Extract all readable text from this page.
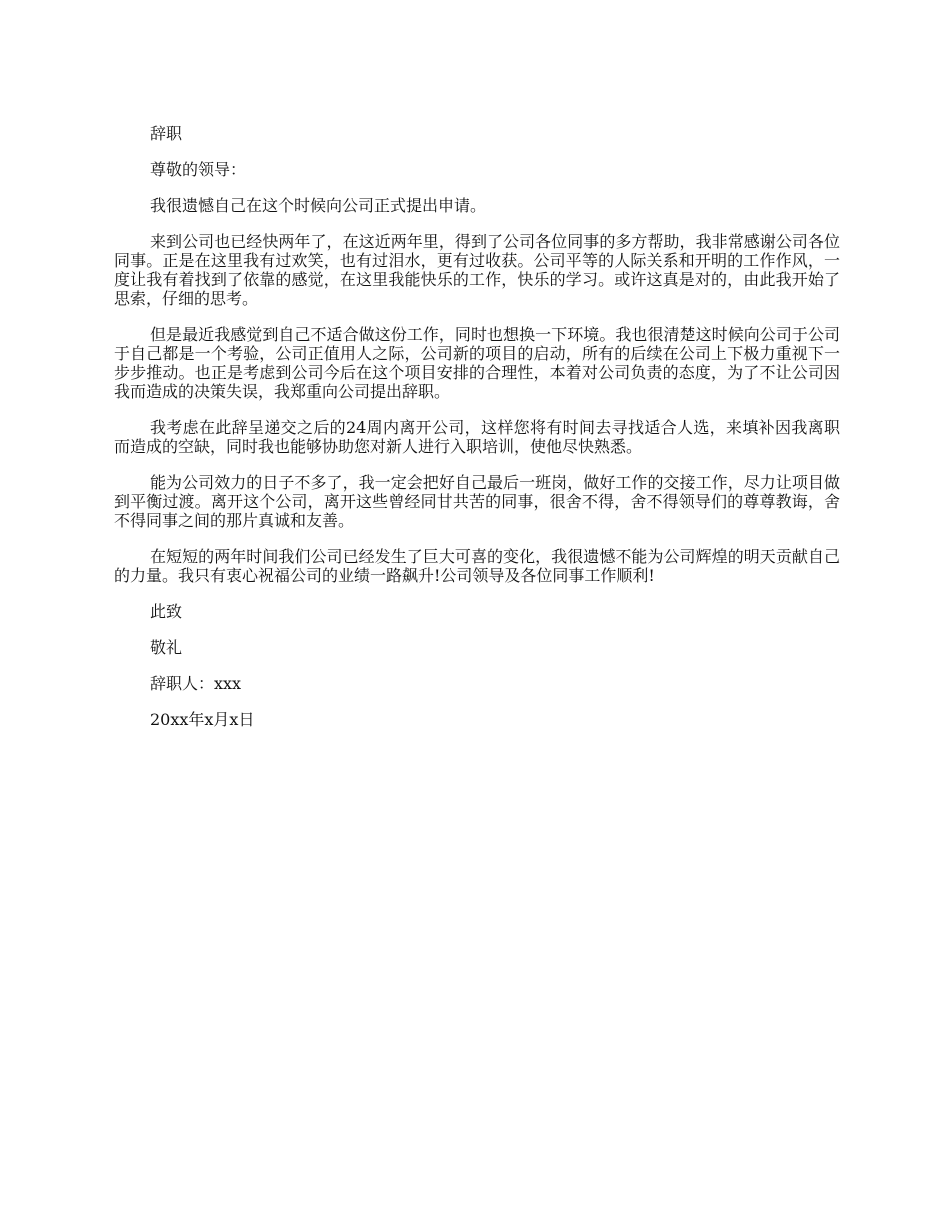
辞职

尊敬的领导：

我很遗憾自己在这个时候向公司正式提出申请。

来到公司也已经快两年了，在这近两年里，得到了公司各位同事的多方帮助，我非常感谢公司各位同事。正是在这里我有过欢笑，也有过泪水，更有过收获。公司平等的人际关系和开明的工作作风，一度让我有着找到了依靠的感觉，在这里我能快乐的工作，快乐的学习。或许这真是对的，由此我开始了思索，仔细的思考。

但是最近我感觉到自己不适合做这份工作，同时也想换一下环境。我也很清楚这时候向公司于公司于自己都是一个考验，公司正值用人之际，公司新的项目的启动，所有的后续在公司上下极力重视下一步步推动。也正是考虑到公司今后在这个项目安排的合理性，本着对公司负责的态度，为了不让公司因我而造成的决策失误，我郑重向公司提出辞职。

我考虑在此辞呈递交之后的24周内离开公司，这样您将有时间去寻找适合人选，来填补因我离职而造成的空缺，同时我也能够协助您对新人进行入职培训，使他尽快熟悉。

能为公司效力的日子不多了，我一定会把好自己最后一班岗，做好工作的交接工作，尽力让项目做到平衡过渡。离开这个公司，离开这些曾经同甘共苦的同事，很舍不得，舍不得领导们的尊尊教诲，舍不得同事之间的那片真诚和友善。

在短短的两年时间我们公司已经发生了巨大可喜的变化，我很遗憾不能为公司辉煌的明天贡献自己的力量。我只有衷心祝福公司的业绩一路飙升!公司领导及各位同事工作顺利!

此致

敬礼

辞职人：xxx

20xx年x月x日
